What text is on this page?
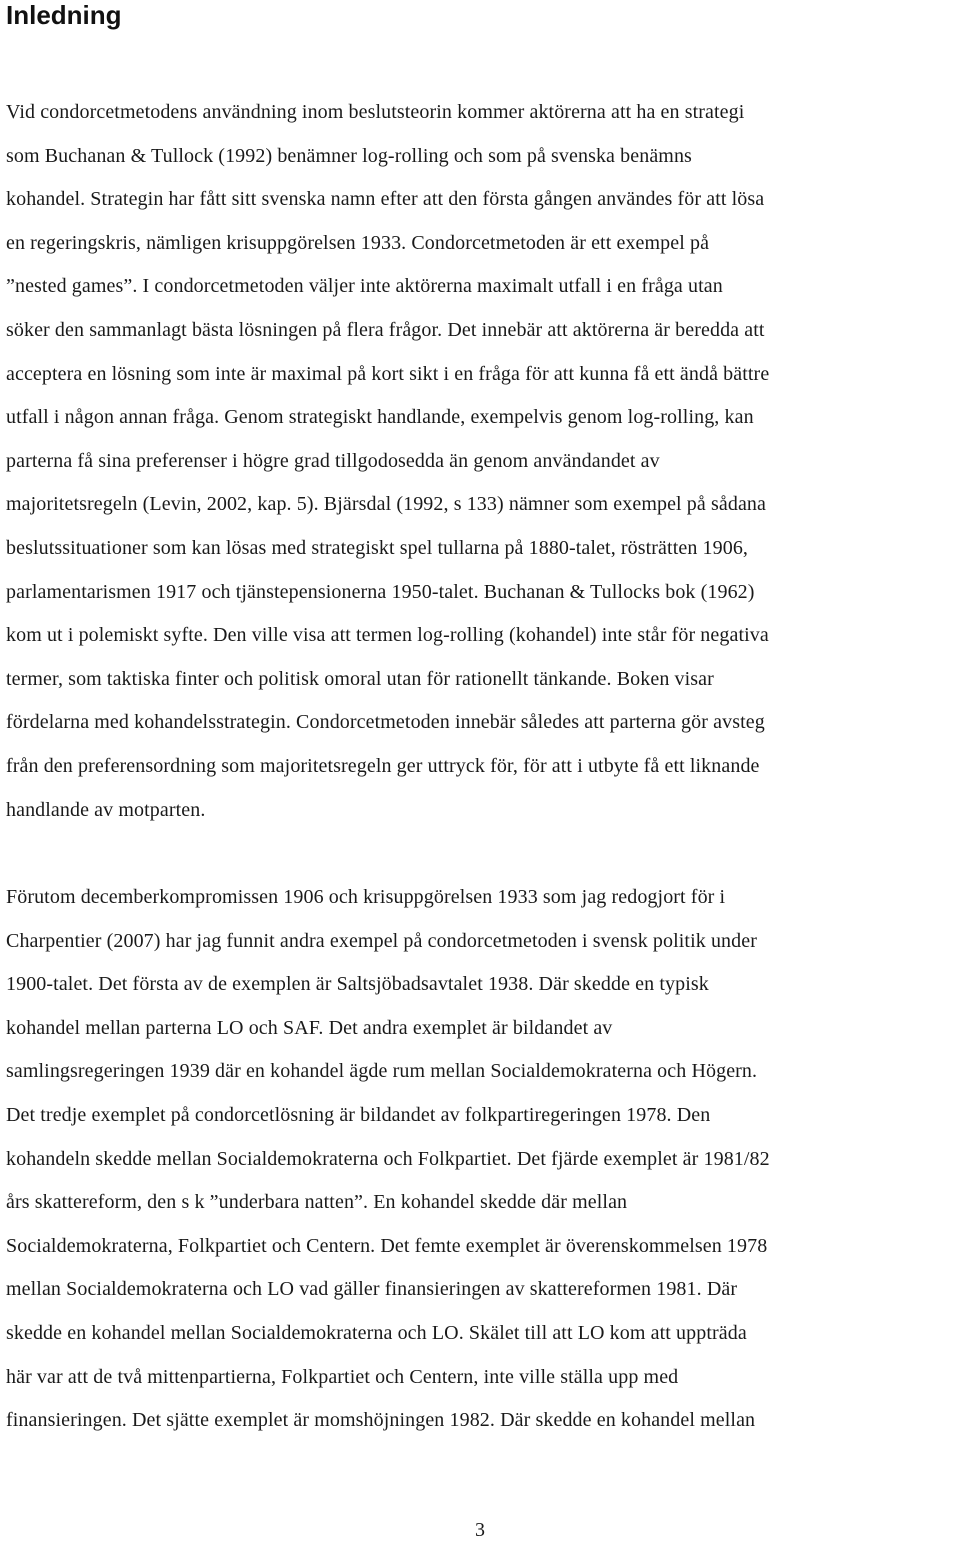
Inledning

Vid condorcetmetodens användning inom beslutsteorin kommer aktörerna att ha en strategi
som Buchanan & Tullock (1992) benämner log-rolling och som på svenska benämns
kohandel. Strategin har fått sitt svenska namn efter att den första gången användes för att lösa
en regeringskris, nämligen krisuppgörelsen 1933. Condorcetmetoden är ett exempel på
”nested games”. I condorcetmetoden väljer inte aktörerna maximalt utfall i en fråga utan
söker den sammanlagt bästa lösningen på flera frågor. Det innebär att aktörerna är beredda att
acceptera en lösning som inte är maximal på kort sikt i en fråga för att kunna få ett ändå bättre
utfall i någon annan fråga. Genom strategiskt handlande, exempelvis genom log-rolling, kan
parterna få sina preferenser i högre grad tillgodosedda än genom användandet av
majoritetsregeln (Levin, 2002, kap. 5). Bjärsdal (1992, s 133) nämner som exempel på sådana
beslutssituationer som kan lösas med strategiskt spel tullarna på 1880-talet, rösträtten 1906,
parlamentarismen 1917 och tjänstepensionerna 1950-talet. Buchanan & Tullocks bok (1962)
kom ut i polemiskt syfte. Den ville visa att termen log-rolling (kohandel) inte står för negativa
termer, som taktiska finter och politisk omoral utan för rationellt tänkande. Boken visar
fördelarna med kohandelsstrategin. Condorcetmetoden innebär således att parterna gör avsteg
från den preferensordning som majoritetsregeln ger uttryck för, för att i utbyte få ett liknande
handlande av motparten.

Förutom decemberkompromissen 1906 och krisuppgörelsen 1933 som jag redogjort för i
Charpentier (2007) har jag funnit andra exempel på condorcetmetoden i svensk politik under
1900-talet. Det första av de exemplen är Saltsjöbadsavtalet 1938. Där skedde en typisk
kohandel mellan parterna LO och SAF. Det andra exemplet är bildandet av
samlingsregeringen 1939 där en kohandel ägde rum mellan Socialdemokraterna och Högern.
Det tredje exemplet på condorcetlösning är bildandet av folkpartiregeringen 1978. Den
kohandeln skedde mellan Socialdemokraterna och Folkpartiet. Det fjärde exemplet är 1981/82
års skattereform, den s k ”underbara natten”. En kohandel skedde där mellan
Socialdemokraterna, Folkpartiet och Centern. Det femte exemplet är överenskommelsen 1978
mellan Socialdemokraterna och LO vad gäller finansieringen av skattereformen 1981. Där
skedde en kohandel mellan Socialdemokraterna och LO. Skälet till att LO kom att uppträda
här var att de två mittenpartierna, Folkpartiet och Centern, inte ville ställa upp med
finansieringen. Det sjätte exemplet är momshöjningen 1982. Där skedde en kohandel mellan

3
